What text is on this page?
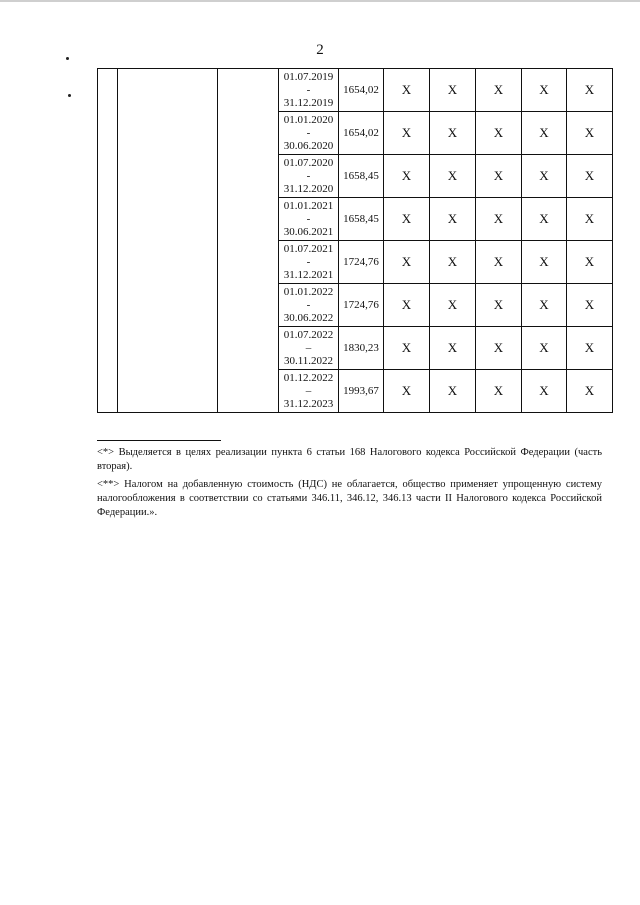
2

			01.07.2019
-
31.12.2019	1654,02	X	X	X	X	X

			01.01.2020
-
30.06.2020	1654,02	X	X	X	X	X

			01.07.2020
-
31.12.2020	1658,45	X	X	X	X	X

			01.01.2021
-
30.06.2021	1658,45	X	X	X	X	X

			01.07.2021
-
31.12.2021	1724,76	X	X	X	X	X

			01.01.2022
-
30.06.2022	1724,76	X	X	X	X	X

			01.07.2022
–
30.11.2022	1830,23	X	X	X	X	X

			01.12.2022
–
31.12.2023	1993,67	X	X	X	X	X

<*> Выделяется в целях реализации пункта 6 статьи 168 Налогового кодекса Российской Федерации (часть вторая).

<**> Налогом на добавленную стоимость (НДС) не облагается, общество применяет упрощенную систему налогообложения в соответствии со статьями 346.11, 346.12, 346.13 части II Налогового кодекса Российской Федерации.».
